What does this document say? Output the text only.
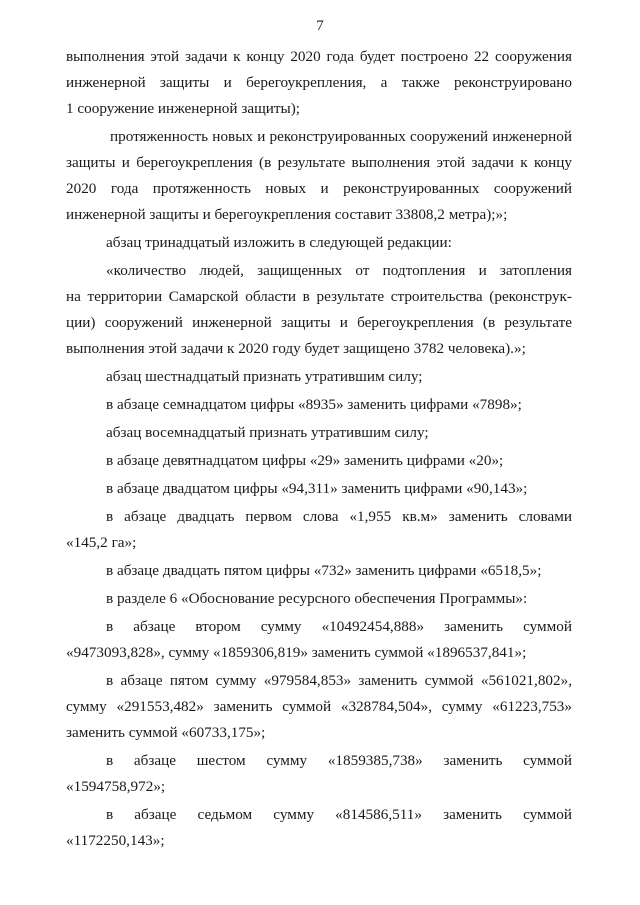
7
выполнения этой задачи к концу 2020 года будет построено 22 сооружения
инженерной защиты и берегоукрепления, а также реконструировано
1 сооружение инженерной защиты);
протяженность новых и реконструированных сооружений инженерной
защиты и берегоукрепления (в результате выполнения этой задачи к концу
2020 года протяженность новых и реконструированных сооружений
инженерной защиты и берегоукрепления составит 33808,2 метра);»;
абзац тринадцатый изложить в следующей редакции:
«количество людей, защищенных от подтопления и затопления
на территории Самарской области в результате строительства (реконструк-
ции) сооружений инженерной защиты и берегоукрепления (в результате
выполнения этой задачи к 2020 году будет защищено 3782 человека).»;
абзац шестнадцатый признать утратившим силу;
в абзаце семнадцатом цифры «8935» заменить цифрами «7898»;
абзац восемнадцатый признать утратившим силу;
в абзаце девятнадцатом цифры «29» заменить цифрами «20»;
в абзаце двадцатом цифры «94,311» заменить цифрами «90,143»;
в абзаце двадцать первом слова «1,955 кв.м» заменить словами
«145,2 га»;
в абзаце двадцать пятом цифры «732» заменить цифрами «6518,5»;
в разделе 6 «Обоснование ресурсного обеспечения Программы»:
в абзаце втором сумму «10492454,888» заменить суммой
«9473093,828», сумму «1859306,819» заменить суммой «1896537,841»;
в абзаце пятом сумму «979584,853» заменить суммой «561021,802»,
сумму «291553,482» заменить суммой «328784,504», сумму «61223,753»
заменить суммой «60733,175»;
в абзаце шестом сумму «1859385,738» заменить суммой
«1594758,972»;
в абзаце седьмом сумму «814586,511» заменить суммой
«1172250,143»;
